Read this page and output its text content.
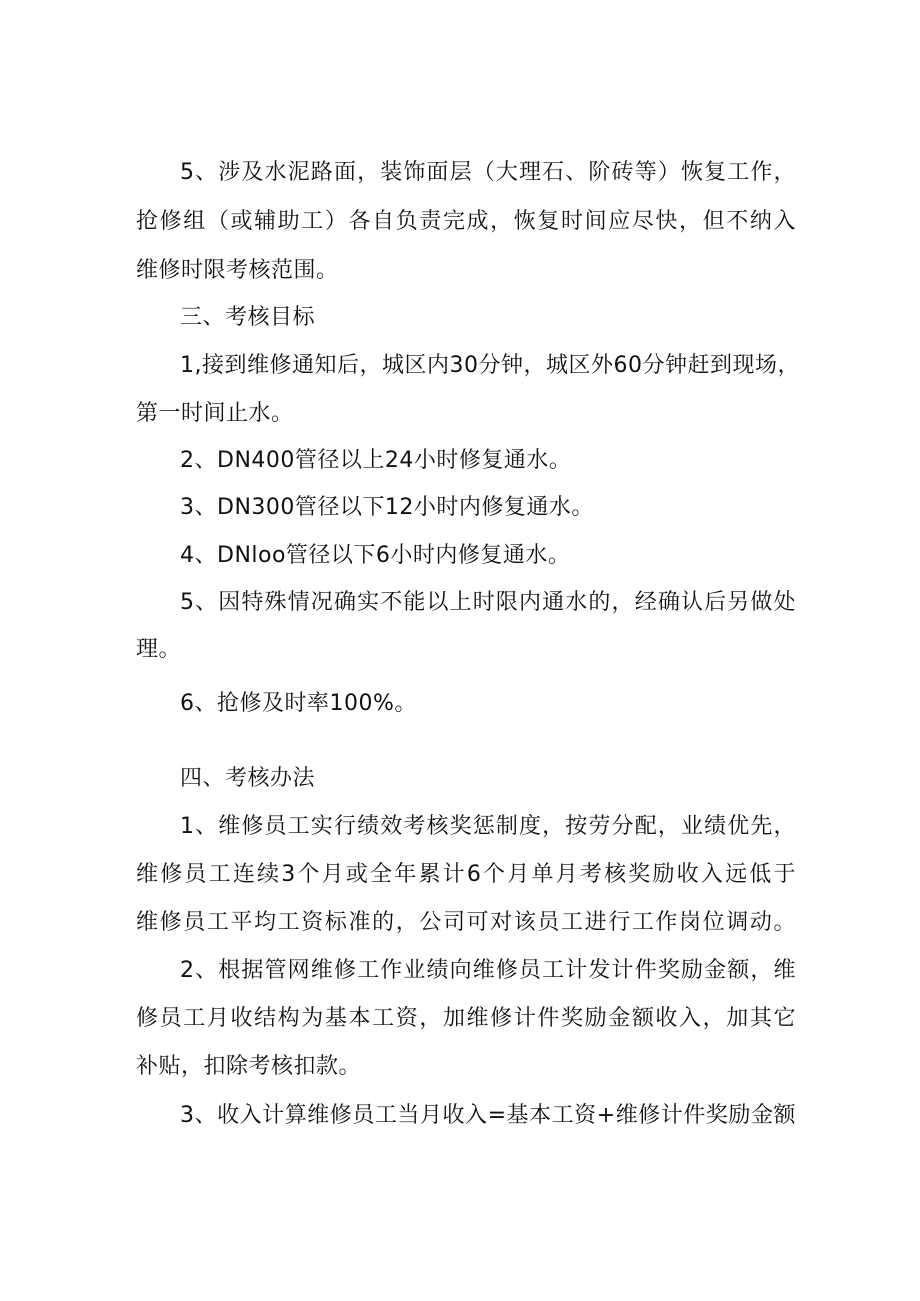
5、涉及水泥路面，装饰面层（大理石、阶砖等）恢复工作，
抢修组（或辅助工）各自负责完成，恢复时间应尽快，但不纳入
维修时限考核范围。
三、考核目标
1,接到维修通知后，城区内30分钟，城区外60分钟赶到现场，
第一时间止水。
2、DN400管径以上24小时修复通水。
3、DN300管径以下12小时内修复通水。
4、DNloo管径以下6小时内修复通水。
5、因特殊情况确实不能以上时限内通水的，经确认后另做处
理。
6、抢修及时率100%。
四、考核办法
1、维修员工实行绩效考核奖惩制度，按劳分配，业绩优先，
维修员工连续3个月或全年累计6个月单月考核奖励收入远低于
维修员工平均工资标准的，公司可对该员工进行工作岗位调动。
2、根据管网维修工作业绩向维修员工计发计件奖励金额，维
修员工月收结构为基本工资，加维修计件奖励金额收入，加其它
补贴，扣除考核扣款。
3、收入计算维修员工当月收入=基本工资+维修计件奖励金额
